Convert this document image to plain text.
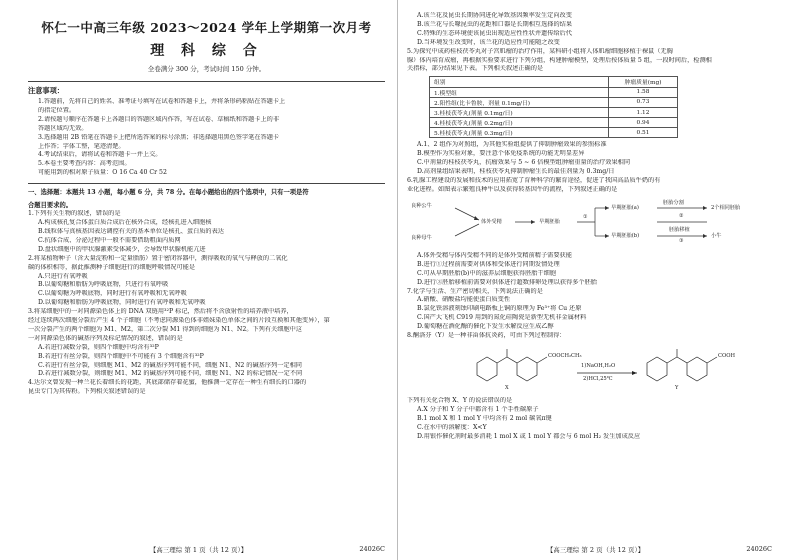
怀仁一中高三年级 2023～2024 学年上学期第一次月考
理 科 综 合
全卷满分 300 分，考试时间 150 分钟。
注意事项：
1.答题前，先将自己的姓名、准考证号填写在试卷和答题卡上，并将条形码粘贴在答题卡上
的指定位置。
2.请按题号顺序在答题卡上各题目的答题区域内作答，写在试卷、草稿纸和答题卡上的非
答题区域均无效。
3.选择题用 2B 铅笔在答题卡上把所选答案的标号涂黑；非选择题用黑色签字笔在答题卡
上作答；字体工整，笔迹清楚。
4.考试结束后，请将试卷和答题卡一并上交。
5.本卷主要考查内容：高考范围。
可能用到的相对原子质量：O 16 Ca 40 Cr 52
一、选择题：本题共 13 小题，每小题 6 分，共 78 分。在每小题给出的四个选项中，只有一项是符
合题目要求的。
1.下列有关生物的叙述，错误的是
A.构成核孔复合体蛋白质合成后在核外合成，经核孔进入细胞核
B.线粒体与真核基因表达调控有关的基本单位是核孔、蛋白质的表达
C.抗体合成、分泌过程中一般不需要借助粗面内质网
D.盘状细胞中的甲状腺激素受体减少，会导致甲状腺机能亢进
2.将某植物种子（含大量淀粉和一定量脂肪）置于密闭容器中，测得吸收的氧气与释放的二氧化
碳的体积相等，据此推测种子细胞进行的细胞呼吸情况可能是
A.只进行有氧呼吸
B.以葡萄糖和脂肪为呼吸底物，只进行有氧呼吸
C.以葡萄糖为呼吸底物，同时进行有氧呼吸和无氧呼吸
D.以葡萄糖和脂肪为呼吸底物，同时进行有氧呼吸和无氧呼吸
3.将某细胞中的一对同源染色体上的 DNA 双链用³²P 标记，然后将不含放射性的培养液中培养，
经过连续两次细胞分裂后产生 4 个子细胞（不考虑同源染色体非姐妹染色单体之间的片段互换和其他变异），第
一次分裂产生的两个细胞为 M1、M2，第二次分裂 M1 得到的细胞为 N1、N2。下列有关细胞中这
一对同源染色体的碱基序列及标记情况的叙述，错误的是
A.若进行减数分裂，则四个细胞中均含有³²P
B.若进行有丝分裂，则四个细胞中不可能有 3 个细胞含有³²P
C.若进行有丝分裂，则细胞 M1、M2 的碱基序列可能不同，细胞 N1、N2 的碱基序列一定相同
D.若进行减数分裂，则细胞 M1、M2 的碱基序列可能不同，细胞 N1、N2 的标记情况一定不同
4.达尔文曾发现一种兰花长着细长的花距，其底部储存着花蜜，他推测一定存在一种生有细长的口器的
昆虫专门为其传粉。下列相关叙述错误的是
【高三理综 第 1 页（共 12 页）】	24026C
A.该兰花及昆虫长期协同进化导致基因频率发生定向改变
B.该兰花与长喙昆虫的花距和口器是长期相互选择的结果
C.特殊的生态环境使该昆虫出现适应性性状并遗传给后代
D.当环境发生改变时，该兰花的适应性可能随之改变
5.为探究中成药桂枝茯苓丸对子宫肌瘤的治疗作用，某科研小组将人体肌瘤细胞移植于裸鼠（无胸
腺）体内培育成瘤，再根据实验要求进行下列分组，构建肿瘤模型，处理后按体质量 5 组，一段时间后，检测相
关指标，部分结果见下表。下列相关叙述正确的是
组别	肿瘤质量(mg)
1.模型组	1.58
2.阳性组(比卡鲁胺，剂量 0.1mg/日)	0.73
3.桂枝茯苓丸(剂量 0.1mg/日)	1.12
4.桂枝茯苓丸(剂量 0.2mg/日)	0.94
5.桂枝茯苓丸(剂量 0.3mg/日)	0.51
A.1、2 组作为对照组，为其他实验组提供了抑制肿瘤效果的参照标准
B.模型作为实验对象，要注意个体免疫系统的功能无明显差异
C.中剂量的桂枝茯苓丸，抗瘤效果与 5 ~ 6 倍模型组肿瘤重量的治疗效果相同
D.高剂量组结果表明，桂枝茯苓丸抑制肿瘤生长的最佳剂量为 0.3mg/日
6.乳腺工程建设的发展和技术的应用拓宽了育种科学的繁育途径，促进了我国高品质牛奶的有
业化进程。如图表示繁殖良种牛以及获得转基因牛的流程，下列叙述正确的是
良种公牛
体外受精
良种母牛
早期胚胎
早期胚胎(a)
早期胚胎(b)
胚胎分割
2个相同胚胎
胚胎移植
小牛
①	②
③
A.体外受精与体内受精不同的是体外受精前精子需要获能
B.进行①过程前需要对供体和受体进行同期发情处理
C.可从早期胚胎(b)中的滋养层细胞获得胚胎干细胞
D.进行③胚胎移植前需要对供体进行超数排卵处理以获得多个胚胎
7.化学与生活、生产密切相关，下列说法正确的是
A.硝酸、硝酸盐均能使蛋白质变性
B.氯化铁溶液刻蚀印刷电路板上铜的原理为 Fe³⁺将 Cu 还原
C.国产大飞机 C919 用到的氮化硅陶瓷是新型无机非金属材料
D.葡萄糖在酒化酶的催化下发生水解反应生成乙醇
8.酮洛芬（Y）是一种非甾体抗炎药，可由下列过程制得：
COOCH₂CH₃
1)NaOH,H₂O
2)HCl,25℃
COOH
X	Y
下列有关化合物 X、Y 的说法错误的是
A.X 分子和 Y 分子中都含有 1 个手性碳原子
B.1 mol X 和 1 mol Y 中均含有 2 mol 碳氧π键
C.在水中的溶解度：X<Y
D.用银作催化剂时最多消耗 1 mol X 或 1 mol Y 都会与 6 mol H₂ 发生加成反应
【高三理综 第 2 页（共 12 页）】	24026C
